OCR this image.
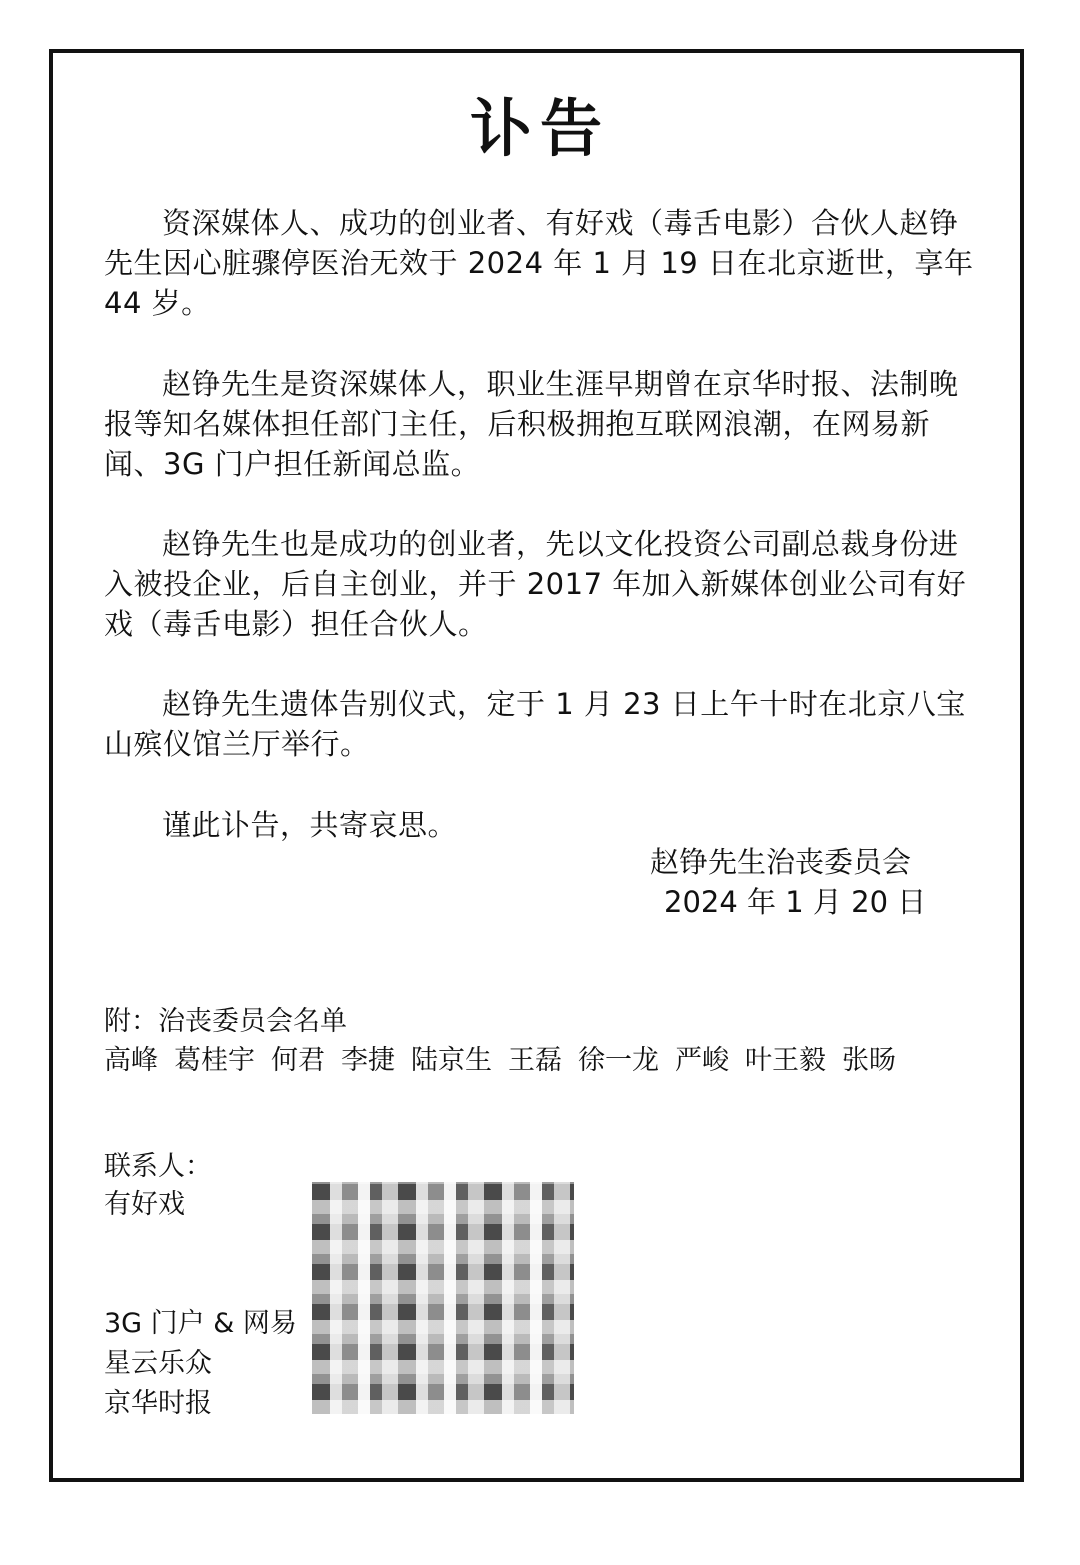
讣告

资深媒体人、成功的创业者、有好戏（毒舌电影）合伙人赵铮先生因心脏骤停医治无效于 2024 年 1 月 19 日在北京逝世，享年 44 岁。

赵铮先生是资深媒体人，职业生涯早期曾在京华时报、法制晚报等知名媒体担任部门主任，后积极拥抱互联网浪潮，在网易新闻、3G 门户担任新闻总监。

赵铮先生也是成功的创业者，先以文化投资公司副总裁身份进入被投企业，后自主创业，并于 2017 年加入新媒体创业公司有好戏（毒舌电影）担任合伙人。

赵铮先生遗体告别仪式，定于 1 月 23 日上午十时在北京八宝山殡仪馆兰厅举行。

谨此讣告，共寄哀思。

赵铮先生治丧委员会
2024 年 1 月 20 日
附：治丧委员会名单
高峰 葛桂宇 何君 李捷 陆京生 王磊 徐一龙 严峻 叶王毅 张旸
联系人：
有好戏
3G 门户 & 网易
星云乐众
京华时报
